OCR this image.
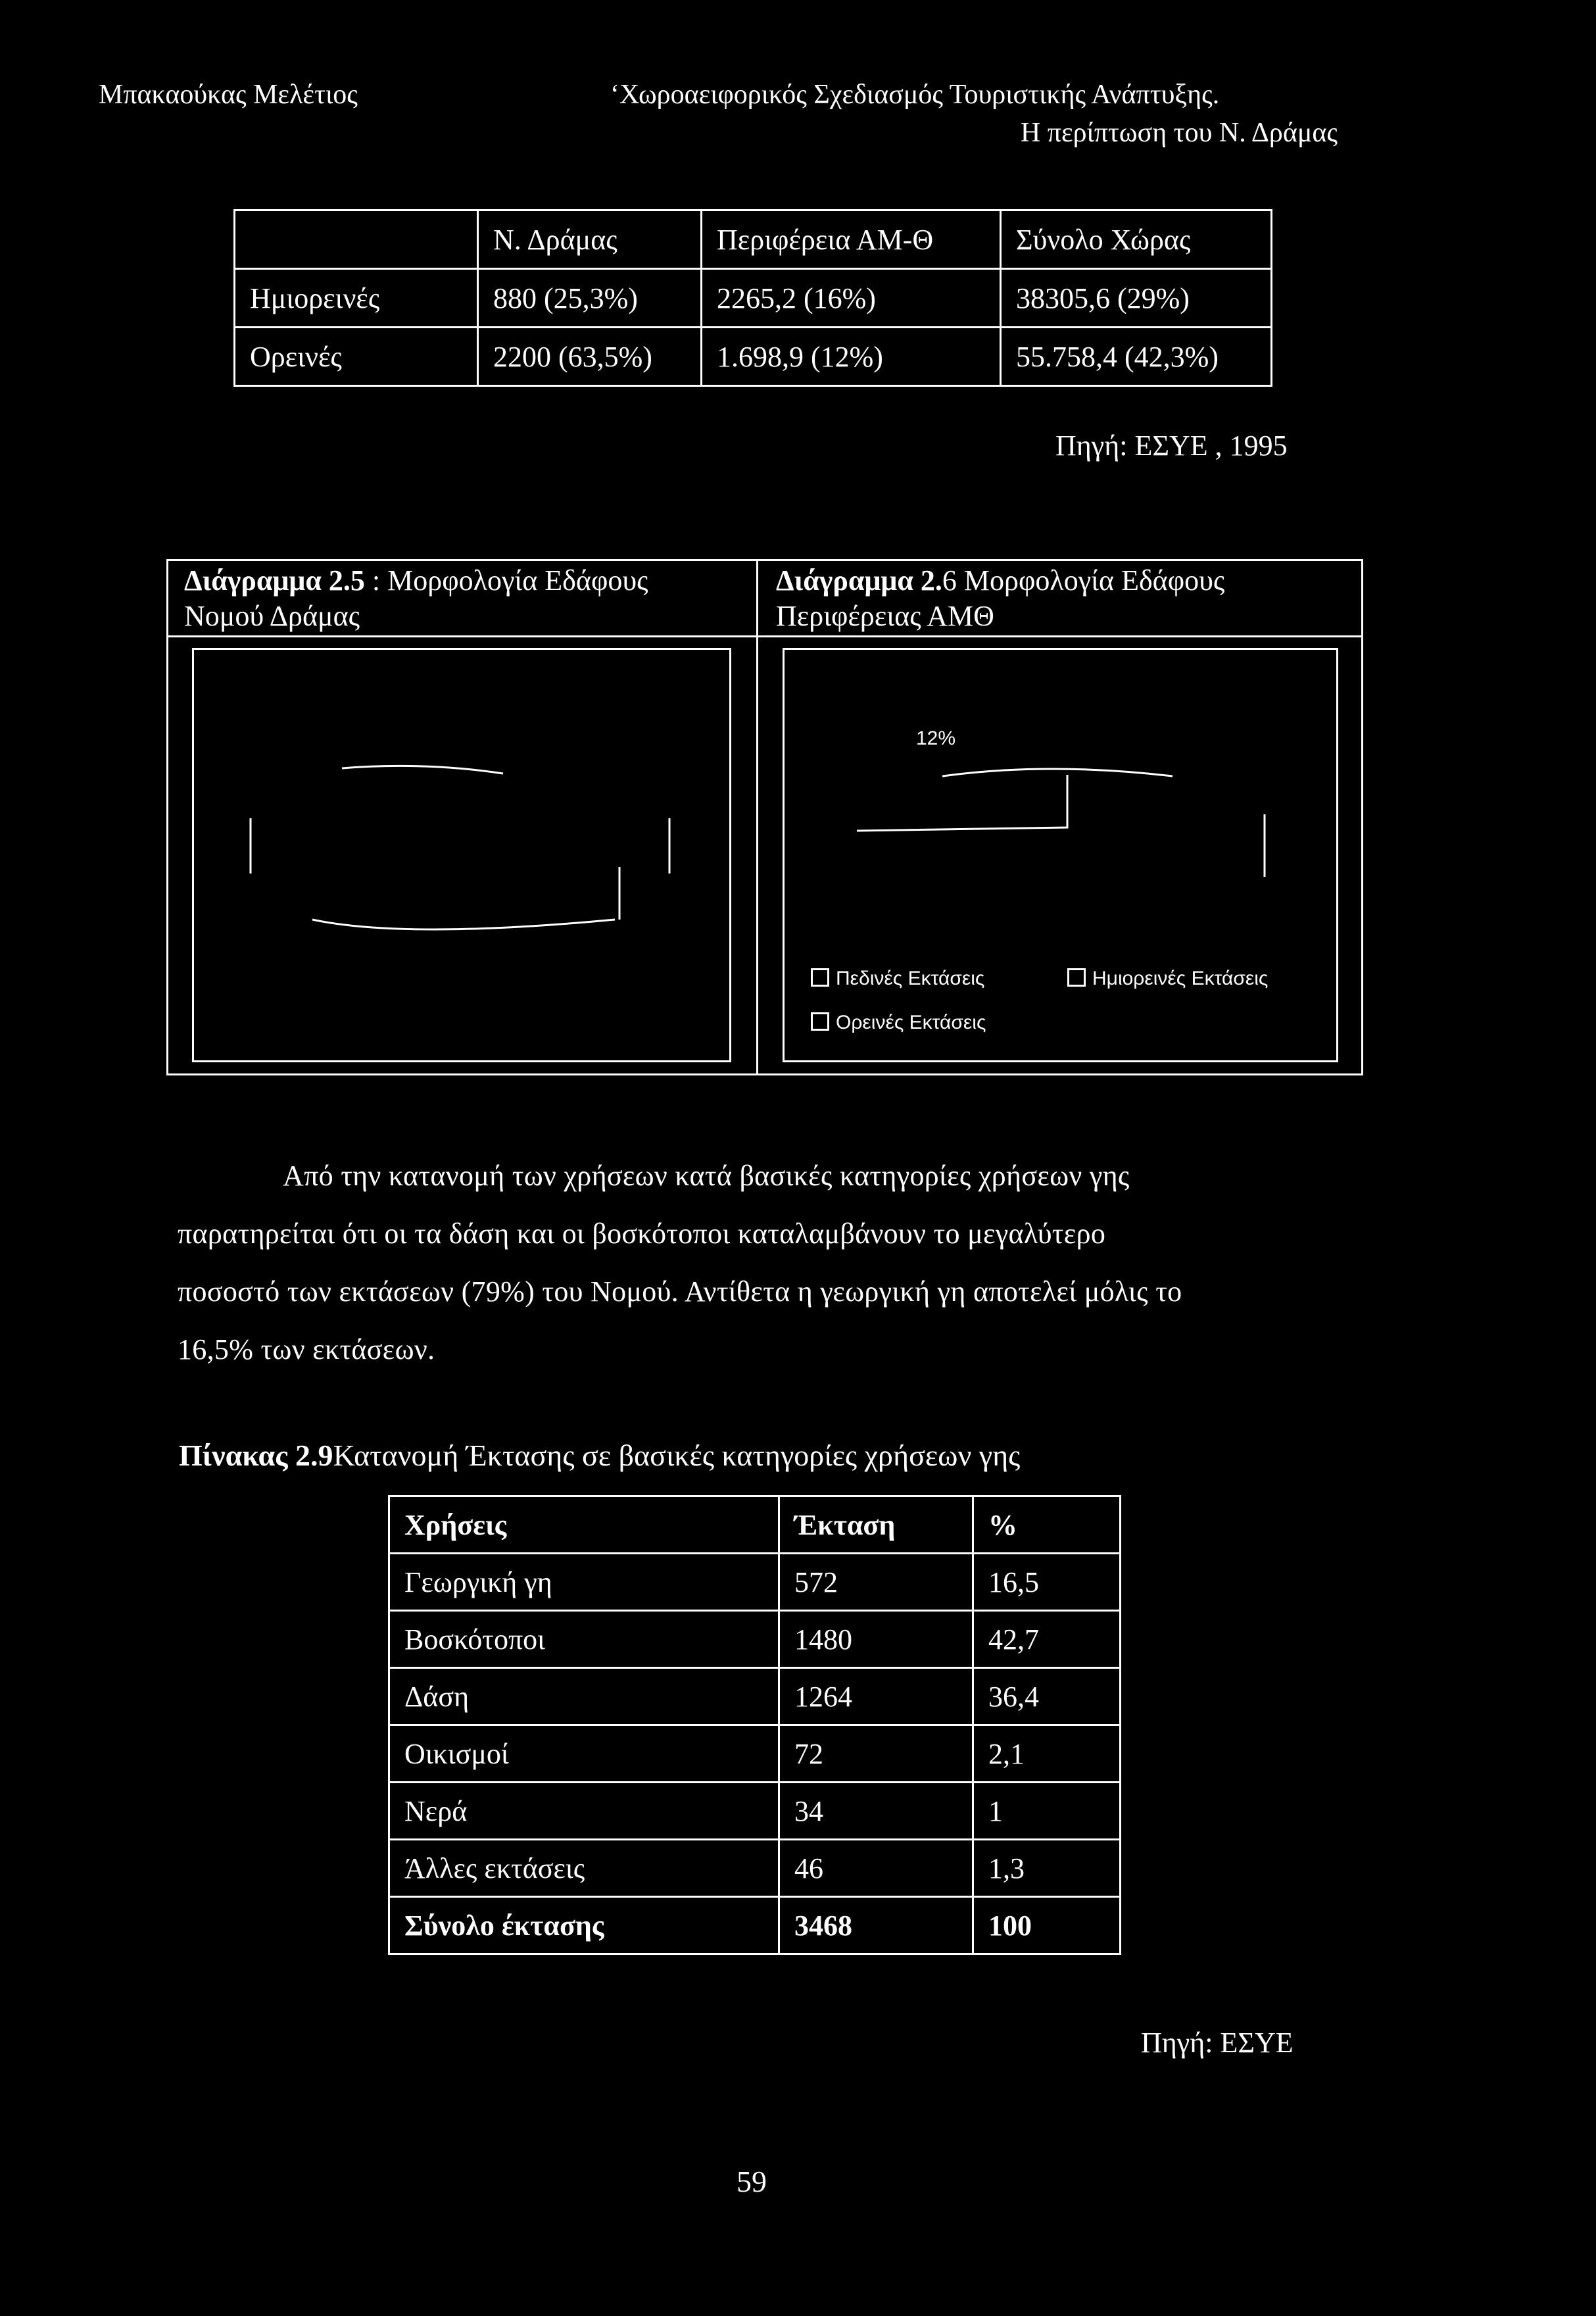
Μπακαούκας Μελέτιος	‘Χωροαειφορικός Σχεδιασμός Τουριστικής Ανάπτυξης.
Η περίπτωση του Ν. Δράμας
	Ν. Δράμας	Περιφέρεια ΑΜ-Θ	Σύνολο Χώρας
Ημιορεινές	880 (25,3%)	2265,2 (16%)	38305,6 (29%)
Ορεινές	2200 (63,5%)	1.698,9 (12%)	55.758,4 (42,3%)
Πηγή: ΕΣΥΕ , 1995
Διάγραμμα 2.5 : Μορφολογία Εδάφους
Νομού Δράμας
Διάγραμμα 2.6 Μορφολογία Εδάφους
Περιφέρειας ΑΜΘ
12%
Πεδινές Εκτάσεις	Ημιορεινές Εκτάσεις
Ορεινές Εκτάσεις
Από την κατανομή των χρήσεων κατά βασικές κατηγορίες χρήσεων γης
παρατηρείται ότι οι τα δάση και οι βοσκότοποι καταλαμβάνουν το μεγαλύτερο
ποσοστό των εκτάσεων (79%) του Νομού. Αντίθετα η γεωργική γη αποτελεί μόλις το
16,5% των εκτάσεων.
Πίνακας 2.9Κατανομή Έκτασης σε βασικές κατηγορίες χρήσεων γης
Χρήσεις	Έκταση	%
Γεωργική γη	572	16,5
Βοσκότοποι	1480	42,7
Δάση	1264	36,4
Οικισμοί	72	2,1
Νερά	34	1
Άλλες εκτάσεις	46	1,3
Σύνολο έκτασης	3468	100
Πηγή: ΕΣΥΕ
59
